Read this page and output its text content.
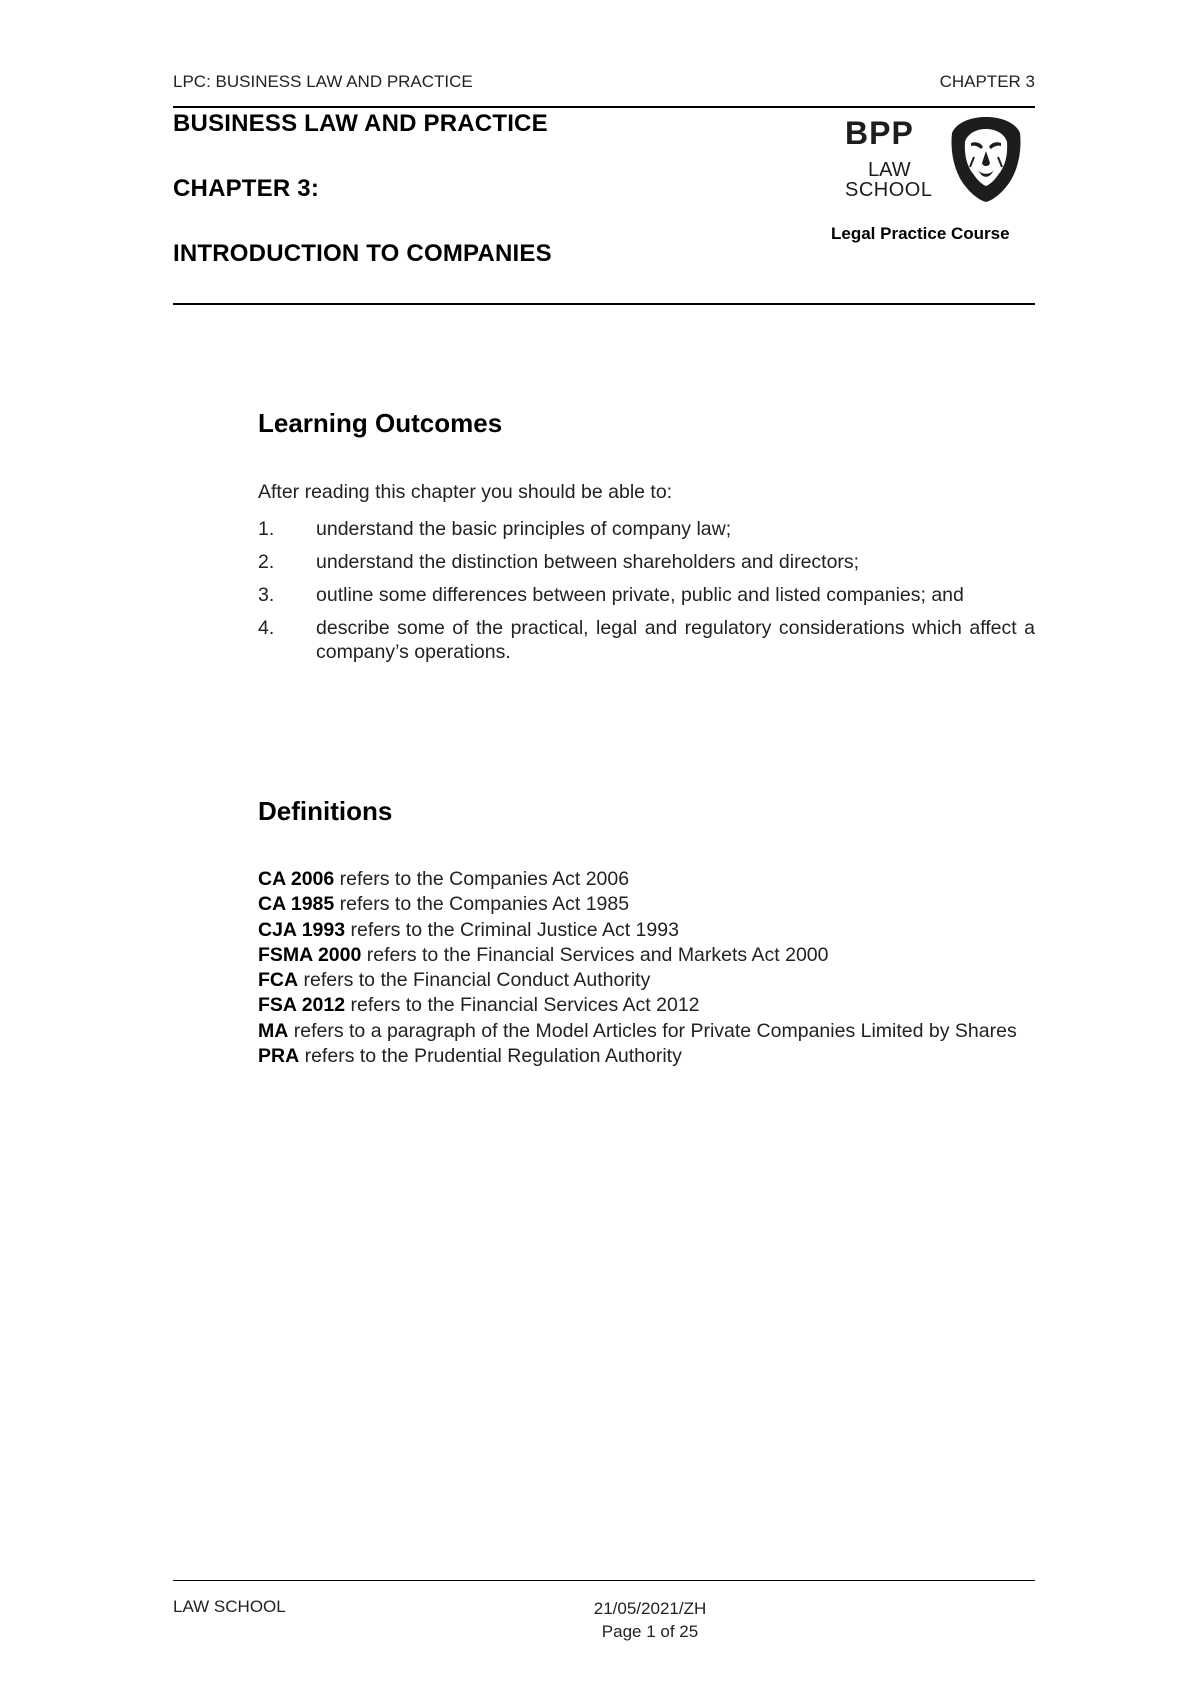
LPC: BUSINESS LAW AND PRACTICE	CHAPTER 3
BUSINESS LAW AND PRACTICE
CHAPTER 3:
INTRODUCTION TO COMPANIES
BPP
LAW
SCHOOL
Legal Practice Course
Learning Outcomes
After reading this chapter you should be able to:
1. understand the basic principles of company law;
2. understand the distinction between shareholders and directors;
3. outline some differences between private, public and listed companies; and
4. describe some of the practical, legal and regulatory considerations which affect a company’s operations.
Definitions
CA 2006 refers to the Companies Act 2006
CA 1985 refers to the Companies Act 1985
CJA 1993 refers to the Criminal Justice Act 1993
FSMA 2000 refers to the Financial Services and Markets Act 2000
FCA refers to the Financial Conduct Authority
FSA 2012 refers to the Financial Services Act 2012
MA refers to a paragraph of the Model Articles for Private Companies Limited by Shares
PRA refers to the Prudential Regulation Authority
LAW SCHOOL	21/05/2021/ZH
Page 1 of 25
